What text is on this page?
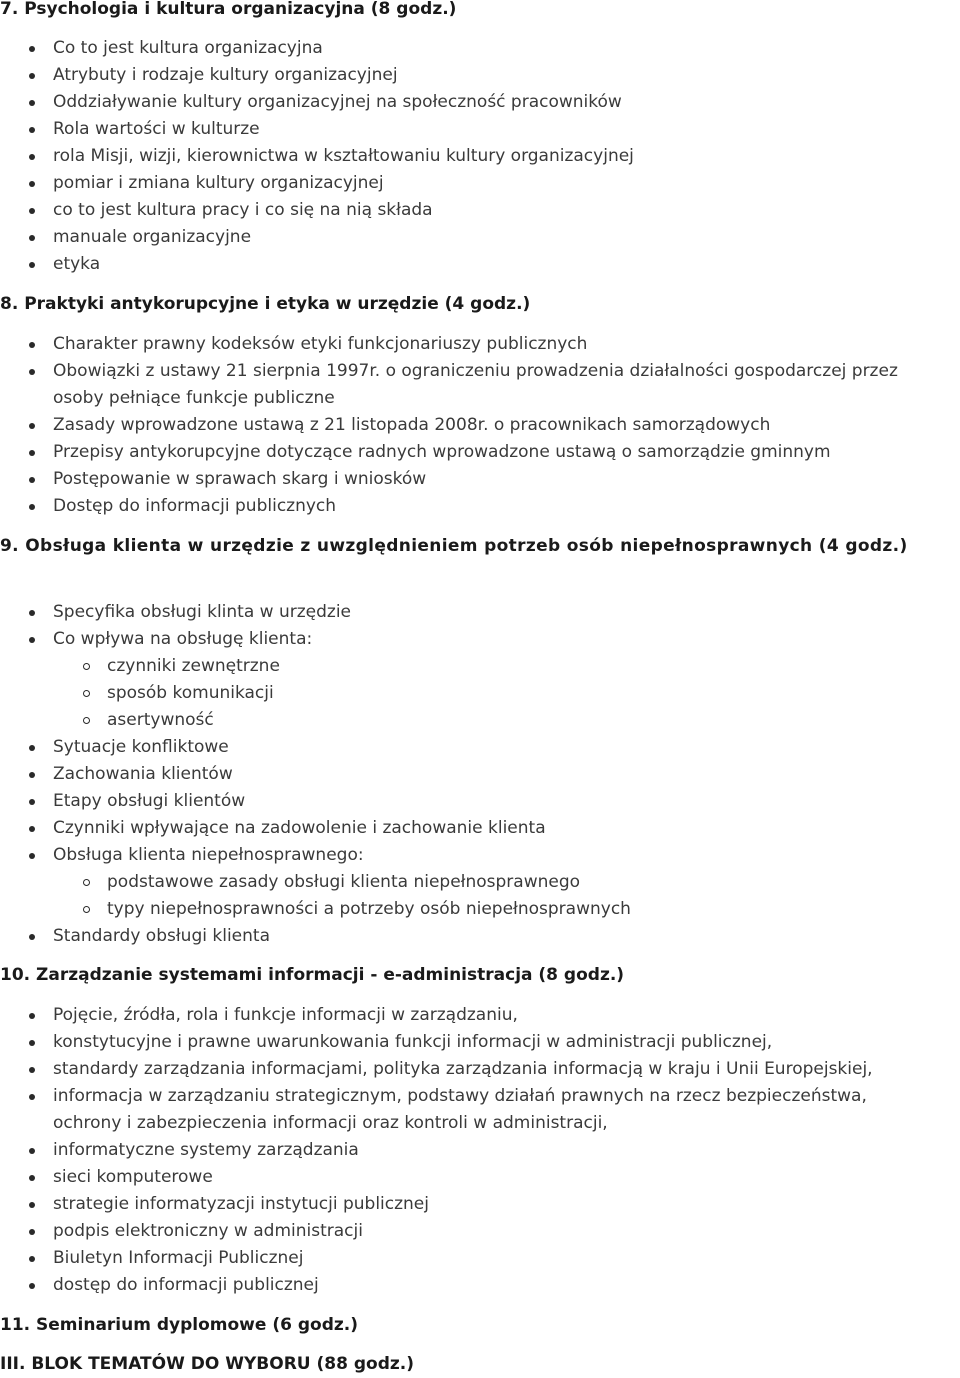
7. Psychologia i kultura organizacyjna (8 godz.)
Co to jest kultura organizacyjna
Atrybuty i rodzaje kultury organizacyjnej
Oddziaływanie kultury organizacyjnej na społeczność pracowników
Rola wartości w kulturze
rola Misji, wizji, kierownictwa w kształtowaniu kultury organizacyjnej
pomiar i zmiana kultury organizacyjnej
co to jest kultura pracy i co się na nią składa
manuale organizacyjne
etyka
8. Praktyki antykorupcyjne i etyka w urzędzie (4 godz.)
Charakter prawny kodeksów etyki funkcjonariuszy publicznych
Obowiązki z ustawy 21 sierpnia 1997r. o ograniczeniu prowadzenia działalności gospodarczej przez osoby pełniące funkcje publiczne
Zasady wprowadzone ustawą z 21 listopada 2008r. o pracownikach samorządowych
Przepisy antykorupcyjne dotyczące radnych wprowadzone ustawą o samorządzie gminnym
Postępowanie w sprawach skarg i wniosków
Dostęp do informacji publicznych
9. Obsługa klienta w urzędzie z uwzględnieniem potrzeb osób niepełnosprawnych (4 godz.)
Specyfika obsługi klinta w urzędzie
Co wpływa na obsługę klienta:
czynniki zewnętrzne
sposób komunikacji
asertywność
Sytuacje konfliktowe
Zachowania klientów
Etapy obsługi klientów
Czynniki wpływające na zadowolenie i zachowanie klienta
Obsługa klienta niepełnosprawnego:
podstawowe zasady obsługi klienta niepełnosprawnego
typy niepełnosprawności a potrzeby osób niepełnosprawnych
Standardy obsługi klienta
10. Zarządzanie systemami informacji - e-administracja (8 godz.)
Pojęcie, źródła, rola i funkcje informacji w zarządzaniu,
konstytucyjne i prawne uwarunkowania funkcji informacji w administracji publicznej,
standardy zarządzania informacjami, polityka zarządzania informacją w kraju i Unii Europejskiej,
informacja w zarządzaniu strategicznym, podstawy działań prawnych na rzecz bezpieczeństwa, ochrony i zabezpieczenia informacji oraz kontroli w administracji,
informatyczne systemy zarządzania
sieci komputerowe
strategie informatyzacji instytucji publicznej
podpis elektroniczny w administracji
Biuletyn Informacji Publicznej
dostęp do informacji publicznej
11. Seminarium dyplomowe (6 godz.)
III. BLOK TEMATÓW DO WYBORU (88 godz.)
